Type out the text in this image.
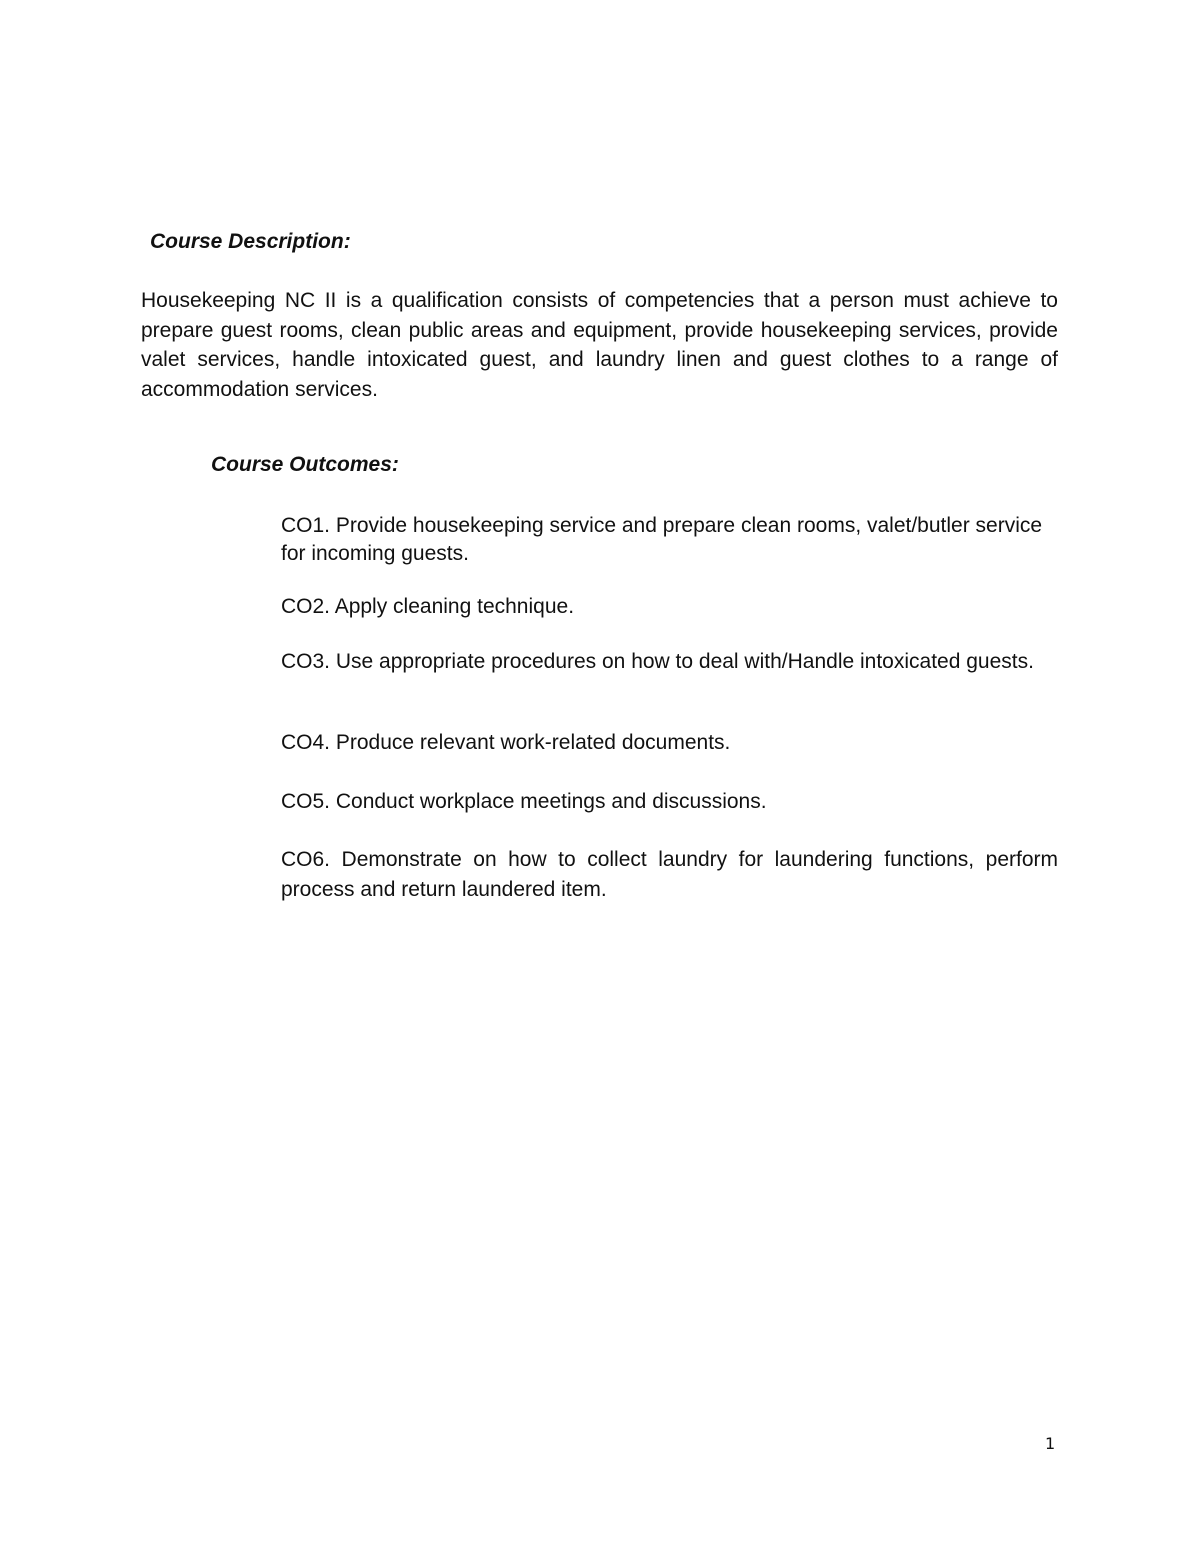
Course Description:

Housekeeping NC II is a qualification consists of competencies that a person must achieve to prepare guest rooms, clean public areas and equipment, provide housekeeping services, provide valet services, handle intoxicated guest, and laundry linen and guest clothes to a range of accommodation services.

Course Outcomes:

CO1. Provide housekeeping service and prepare clean rooms, valet/butler service for incoming guests.

CO2. Apply cleaning technique.

CO3. Use appropriate procedures on how to deal with/Handle intoxicated guests.

CO4. Produce relevant work-related documents.

CO5. Conduct workplace meetings and discussions.

CO6. Demonstrate on how to collect laundry for laundering functions, perform process and return laundered item.

1
